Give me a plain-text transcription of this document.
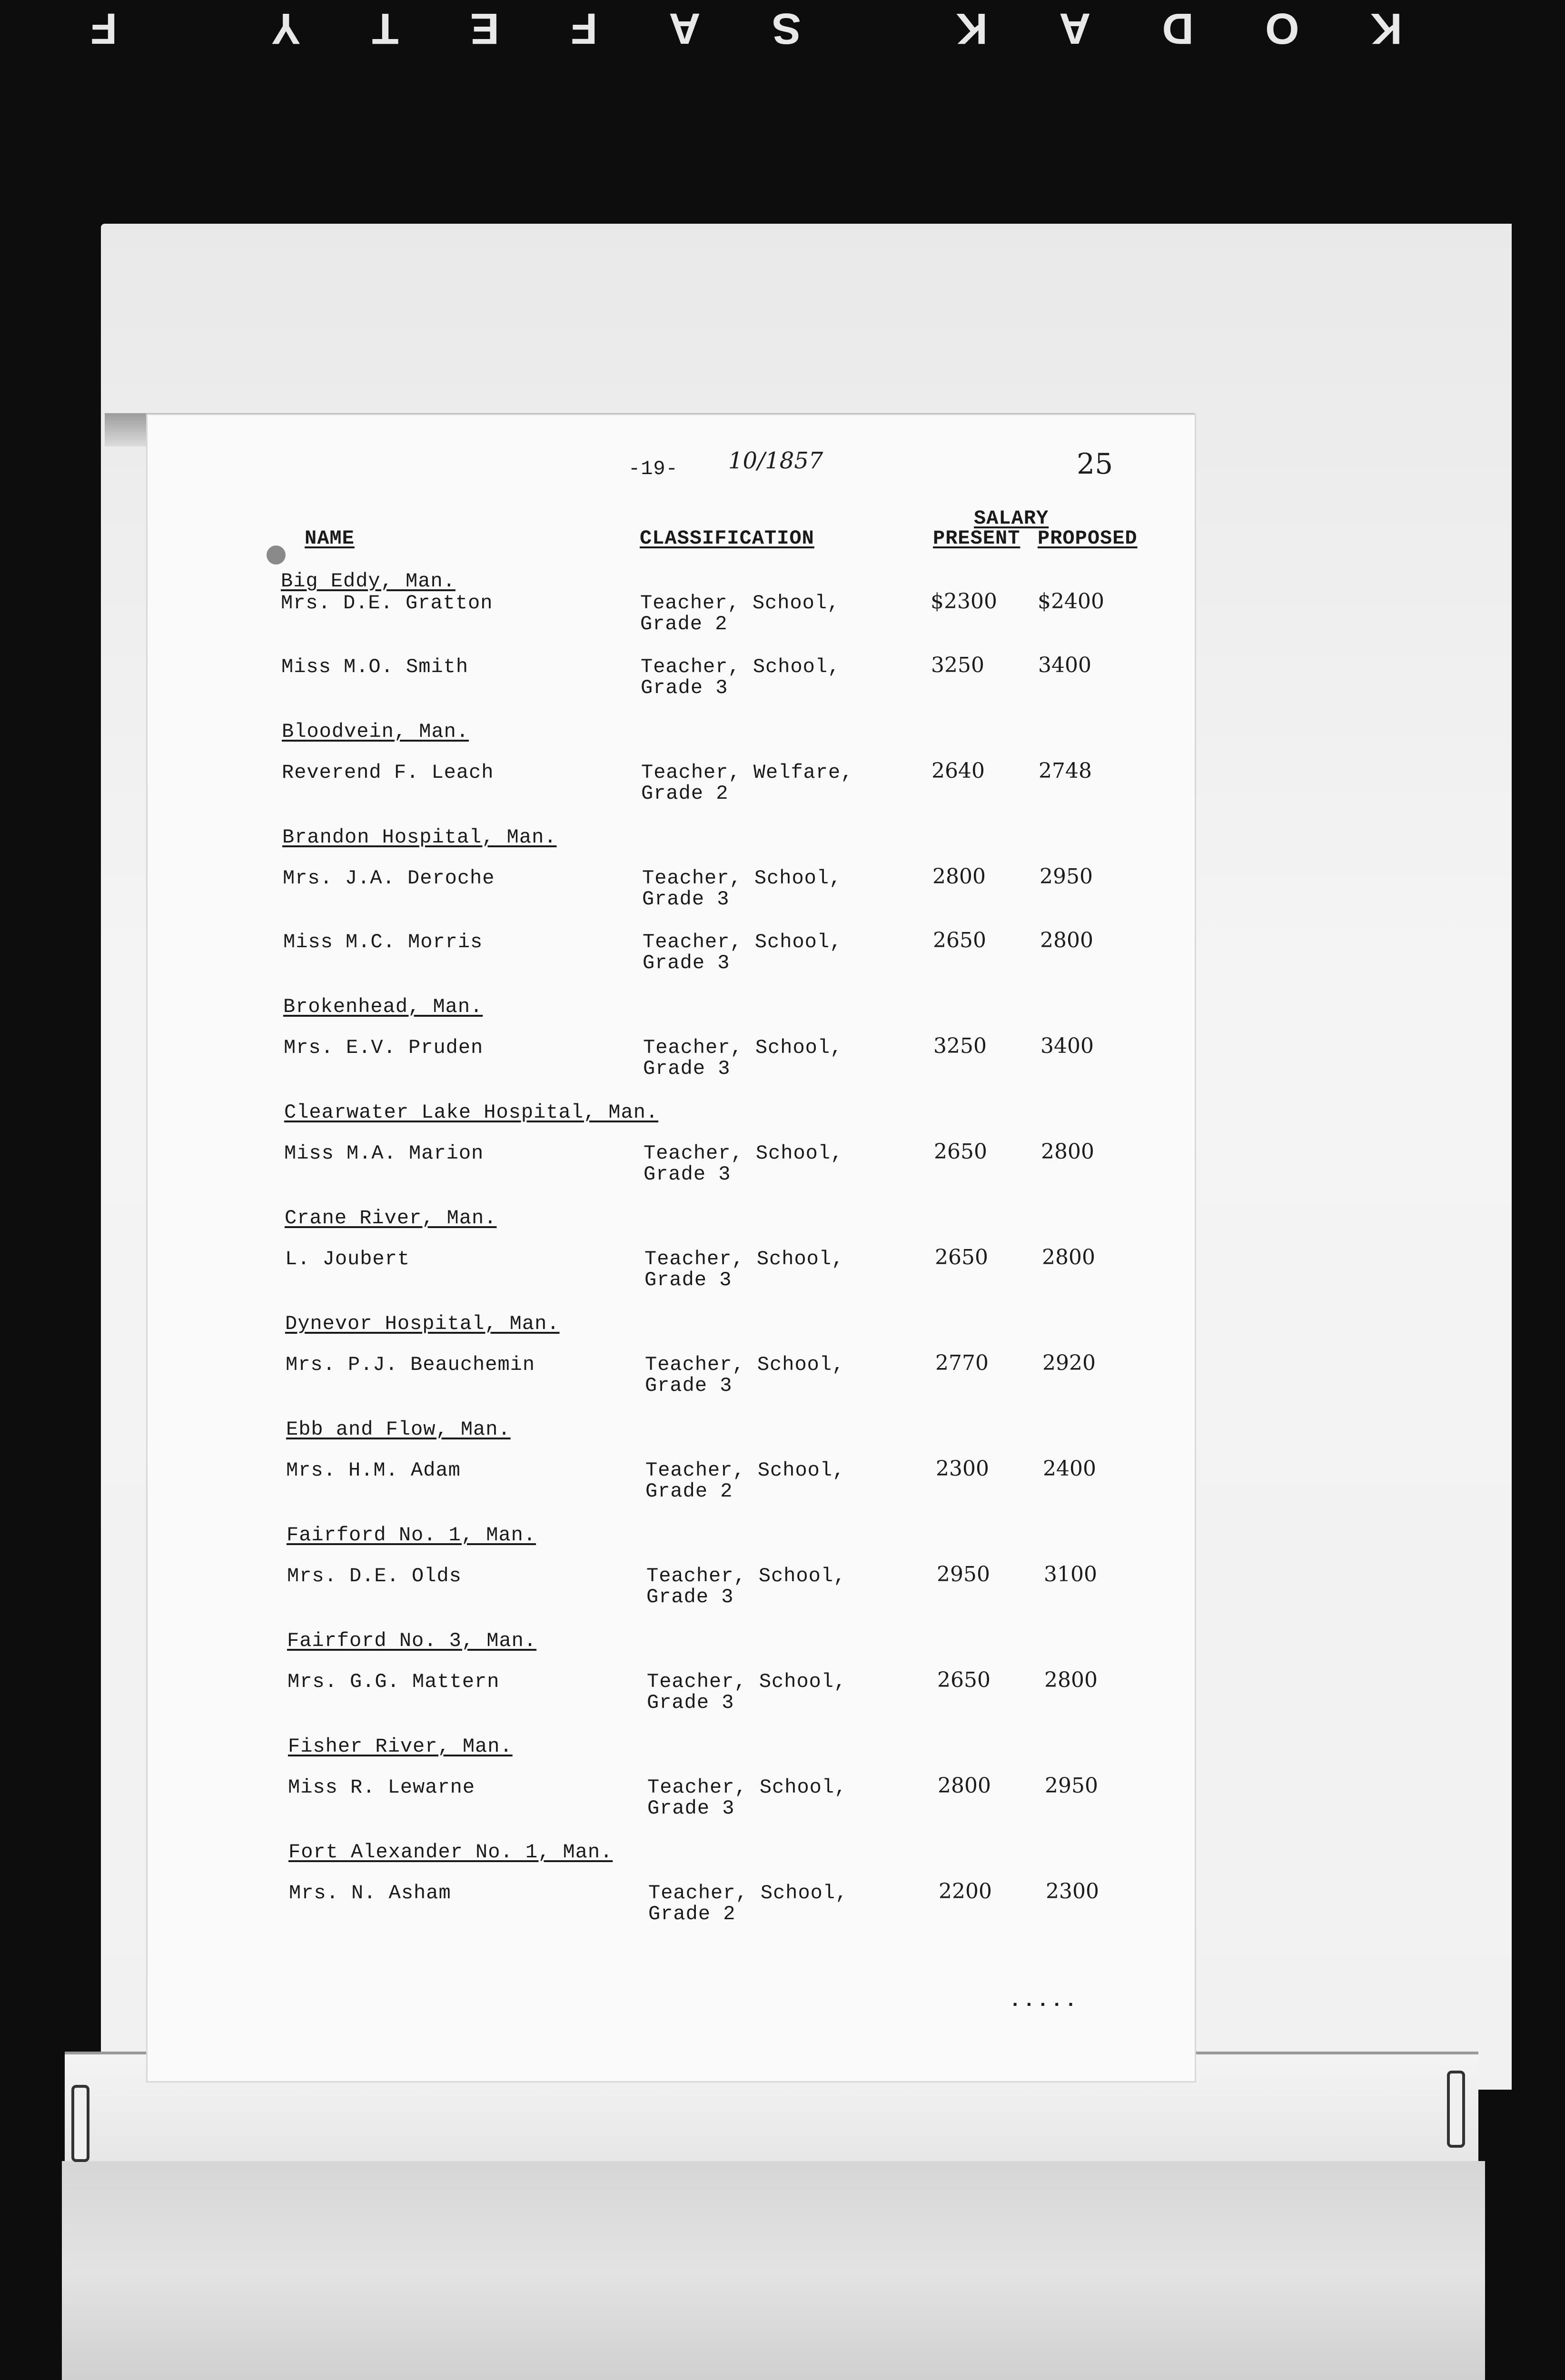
KODAK SAFETY F
-19- 10/1857	25
SALARY
NAME	CLASSIFICATION	PRESENT PROPOSED
Big Eddy, Man.
Mrs. D.E. Gratton	Teacher, School,
Grade 2
$2300 $2400
Miss M.O. Smith	Teacher, School,
Grade 3
3250	3400
Bloodvein, Man.
Reverend F. Leach	Teacher, Welfare,
Grade 2
2640	2748
Brandon Hospital, Man.
Mrs. J.A. Deroche	Teacher, School,
Grade 3
2800	2950
Miss M.C. Morris	Teacher, School,
Grade 3
2650	2800
Brokenhead, Man.
Mrs. E.V. Pruden	Teacher, School,
Grade 3
3250	3400
Clearwater Lake Hospital, Man.
Miss M.A. Marion	Teacher, School,
Grade 3
2650	2800
Crane River, Man.
L. Joubert	Teacher, School,
Grade 3
2650	2800
Dynevor Hospital, Man.
Mrs. P.J. Beauchemin	Teacher, School,
Grade 3
2770	2920
Ebb and Flow, Man.
Mrs. H.M. Adam	Teacher, School,
Grade 2
2300	2400
Fairford No. 1, Man.
Mrs. D.E. Olds	Teacher, School,
Grade 3
2950	3100
Fairford No. 3, Man.
Mrs. G.G. Mattern	Teacher, School,
Grade 3
2650	2800
Fisher River, Man.
Miss R. Lewarne	Teacher, School,
Grade 3
2800	2950
Fort Alexander No. 1, Man.
Mrs. N. Asham	Teacher, School,
Grade 2
2200	2300
.....
